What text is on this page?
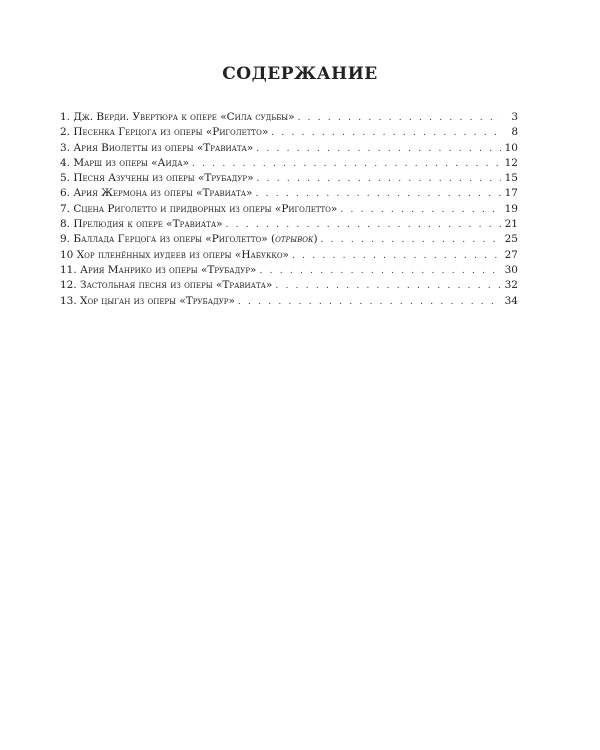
СОДЕРЖАНИЕ
1. Дж. Верди. Увертюра к опере «Сила судьбы» . . .	3
2. Песенка Герцога из оперы «Риголетто» . . .	8
3. Ария Виолетты из оперы «Травиата» . . .	10
4. Марш из оперы «Аида» . . .	12
5. Песня Азучены из оперы «Трубадур» . . .	15
6. Ария Жермона из оперы «Травиата» . . .	17
7. Сцена Риголетто и придворных из оперы «Риголетто» . . .	19
8. Прелюдия к опере «Травиата» . . .	21
9. Баллада Герцога из оперы «Риголетто» (отрывок) . . .	25
10 Хор пленённых иудеев из оперы «Набукко» . . .	27
11. Ария Манрико из оперы «Трубадур» . . .	30
12. Застольная песня из оперы «Травиата» . . .	32
13. Хор цыган из оперы «Трубадур» . . .	34
